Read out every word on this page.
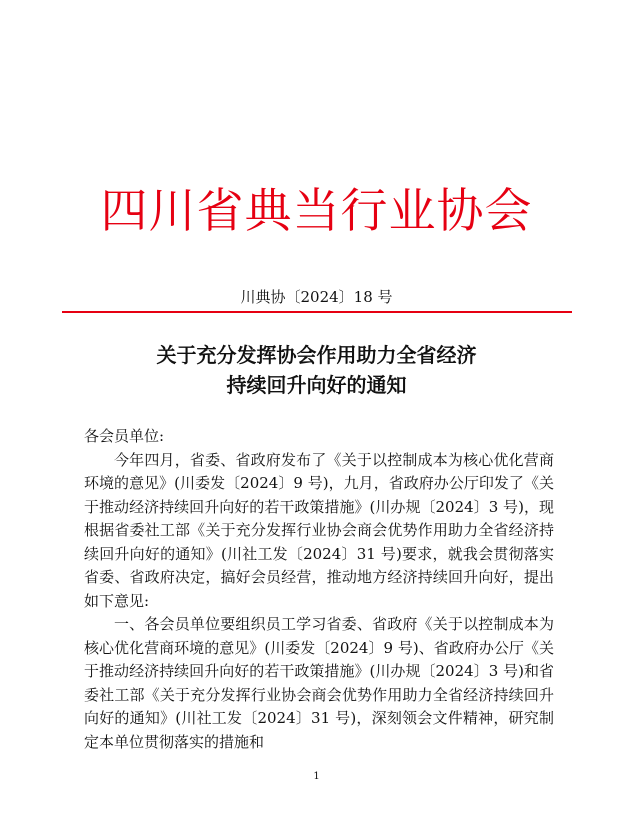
四川省典当行业协会
川典协〔2024〕18 号
关于充分发挥协会作用助力全省经济
持续回升向好的通知

各会员单位:

今年四月，省委、省政府发布了《关于以控制成本为核心优化营商环境的意见》(川委发〔2024〕9 号)，九月，省政府办公厅印发了《关于推动经济持续回升向好的若干政策措施》(川办规〔2024〕3 号)，现根据省委社工部《关于充分发挥行业协会商会优势作用助力全省经济持续回升向好的通知》(川社工发〔2024〕31 号)要求，就我会贯彻落实省委、省政府决定，搞好会员经营，推动地方经济持续回升向好，提出如下意见:

一、各会员单位要组织员工学习省委、省政府《关于以控制成本为核心优化营商环境的意见》(川委发〔2024〕9 号)、省政府办公厅《关于推动经济持续回升向好的若干政策措施》(川办规〔2024〕3 号)和省委社工部《关于充分发挥行业协会商会优势作用助力全省经济持续回升向好的通知》(川社工发〔2024〕31 号)，深刻领会文件精神，研究制定本单位贯彻落实的措施和

1
